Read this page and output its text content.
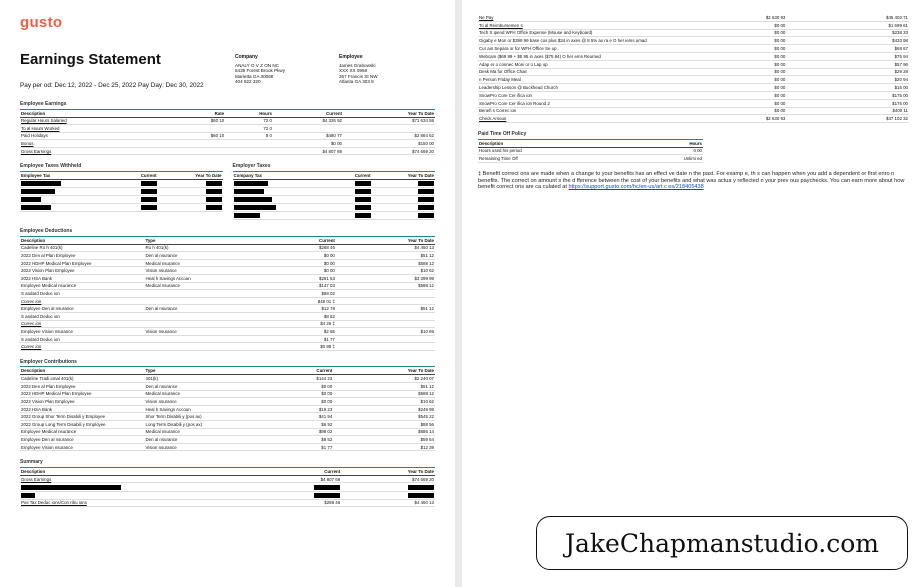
gusto
Earnings Statement
Pay per od: Dec 12, 2022 - Dec 25, 2022 Pay Day: Dec 30, 2022
Company
ANALY O V Z ON NC
5439 Forest Brook Pkwy
Marietta GA 30068
404 822 320
Employee
James Grabowski
XXX XX 0958
267 Francis St NW
Atlanta GA 303 8
Employee Earnings
Description	Rate	Hours	Current	Year To Date
Regular Hours Salaried	$60 10	72 0	$4 326 92	$71 634 58
To al Hours Worked		72 0		
Paid Holidays	$60 10	8 0	$480 77	$2 884 62
Bonus			$0 00	$150 00
Gross Earnings			$4 807 69	$74 669 20
Employee Taxes Withheld
Employee Tax	Current	Year To Date

Employer Taxes
Company Tax	Current	Year To Date

Employee Deductions
Description	Type	Current	Year To Date
Cadeline Ro h 401(k)	Ro h 401(k)	$288 46	$4 460 13
2022 Den al Plan Employee	Den al nsurance	$0 00	$51 12
2022 HDHP Medical Plan Employee	Medical nsurance	$0 00	$588 12
2022 Vision Plan Employee	Vision nsurance	$0 00	$10 62
2022 HSA Bank	Heal h Savings Accoun	$261 53	$3 399 99
Employee Medical nsurance	Medical nsurance	$147 03	$588 12
S andard Deduc ion		$98 02	
Correc ion		$49 01 ‡	
Employee Den al nsurance	Den al nsurance	$12 78	$51 12
S andard Deduc ion		$8 52	
Correc ion		$4 26 ‡	
Employee Vision nsurance	Vision nsurance	$2 65	$10 69
S andard Deduc ion		$1 77	
Correc ion		$0 88 ‡	
Employer Contributions
Description	Type	Current	Year To Date
Cadeline Tradi ional 401(k)	401(k)	$144 23	$2 240 07
2022 Den al Plan Employee	Den al nsurance	$0 00	$51 12
2022 HDHP Medical Plan Employee	Medical nsurance	$0 00	$588 12
2022 Vision Plan Employee	Vision nsurance	$0 00	$10 62
2022 HSA Bank	Heal h Savings Accoun	$19 23	$249 99
2022 Group Shor Term Disabili y Employee	Shor Term Disabili y (pos ax)	$41 94	$545 22
2022 Group Long Term Disabili y Employee	Long Term Disabili y (pos ax)	$6 92	$88 56
Employee Medical nsurance	Medical nsurance	$98 02	$686 14
Employee Den al nsurance	Den al nsurance	$8 52	$59 64
Employee Vision nsurance	Vision nsurance	$1 77	$12 39
Summary
Description	Current	Year To Date
Gross Earnings	$4 807 69	$74 669 20

Pos Tax Deduc ions/Con ribu ions	$288 46	$4 460 13
Ne Pay	$2 630 93	$45 402 71
To al Reimbursemen s	$0 00	$1 699 61
Tech S ipend WFH Office Expense (Mouse and Keyboard)	$0 00	$238 33
Gigaby e Mon or $399 99 base cos plus $34 in axes @ 8 5% ax ra e O her iems umad	$0 00	$433 98
Cur ain Separa or for WFH Office Se up	$0 00	$68 67
Webcam ($69 99 + $5 95 in axes ($75 94) O her ems Reurned	$0 00	$75 94
Adap er o connec Moni or o Lap op	$0 00	$57 96
Desk Ma for Office Chair	$0 00	$29 28
n Person Friday Meal	$0 00	$20 94
Leadership Lesson @ Buckhead Church	$0 00	$15 00
SnowPro Core Cer ifica ion	$0 00	$175 00
SnowPro Core Cer ifica ion Round 2	$0 00	$175 00
Benefi s Correc ion	$0 00	$400 11
Check Amoun	$2 630 93	$47 102 32
Paid Time Off Policy
Description	Hours
Hours used his period	0 00
Remaining Time Off	Unlimi ed
‡ Benefit correct ons are made when a change to your benefits has an effect ve date n the past. For examp e, th s can happen when you add a dependent or first enro n benefits. The correct on amount s the d fference between the cost of your benefits and what was actua y reflected n your prev ous paychecks. You can earn more about how benefit correct ons are ca culated at https://support.gusto.com/hc/en-us/art c es/218405438
JakeChapmanstudio.com
